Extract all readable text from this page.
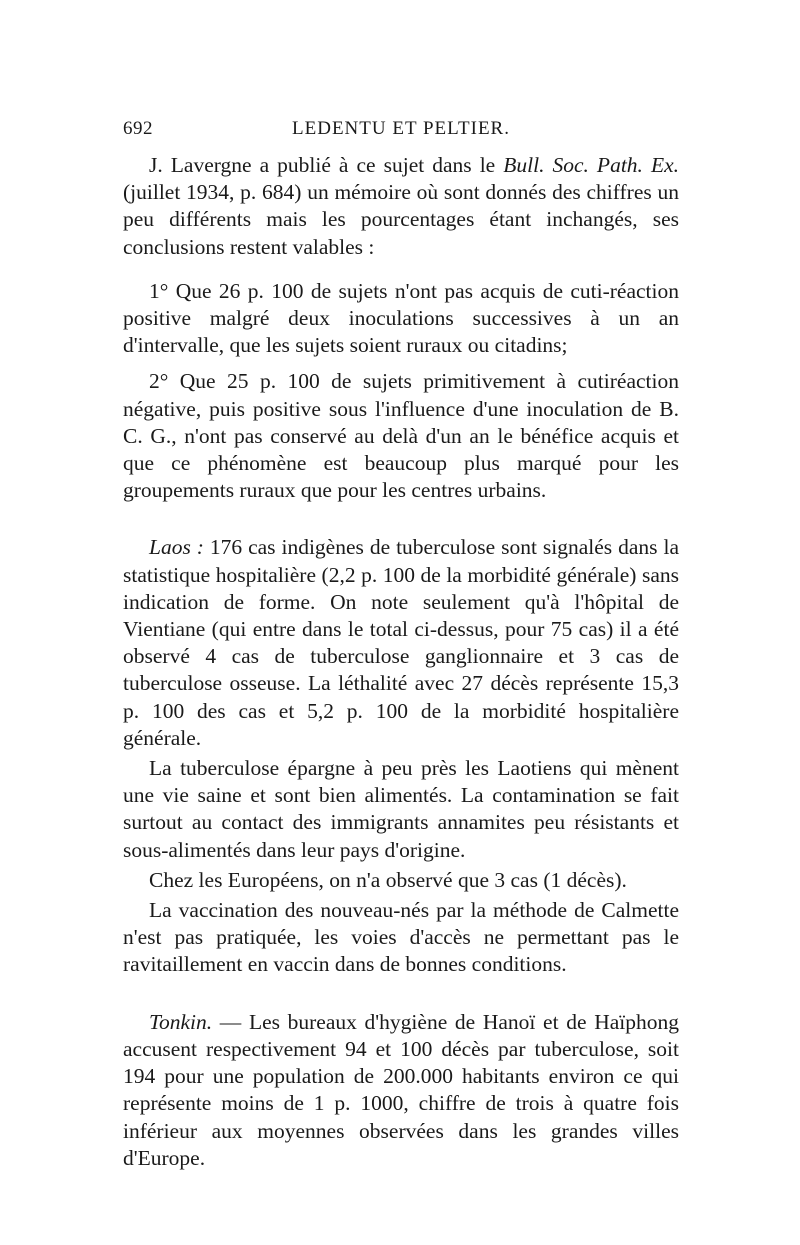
692	LEDENTU ET PELTIER.

J. Lavergne a publié à ce sujet dans le Bull. Soc. Path. Ex. (juillet 1934, p. 684) un mémoire où sont donnés des chiffres un peu différents mais les pourcentages étant inchangés, ses conclusions restent valables :

1° Que 26 p. 100 de sujets n'ont pas acquis de cuti-réaction positive malgré deux inoculations successives à un an d'intervalle, que les sujets soient ruraux ou citadins;

2° Que 25 p. 100 de sujets primitivement à cutiréaction négative, puis positive sous l'influence d'une inoculation de B. C. G., n'ont pas conservé au delà d'un an le bénéfice acquis et que ce phénomène est beaucoup plus marqué pour les groupements ruraux que pour les centres urbains.

Laos : 176 cas indigènes de tuberculose sont signalés dans la statistique hospitalière (2,2 p. 100 de la morbidité générale) sans indication de forme. On note seulement qu'à l'hôpital de Vientiane (qui entre dans le total ci-dessus, pour 75 cas) il a été observé 4 cas de tuberculose ganglionnaire et 3 cas de tuberculose osseuse. La léthalité avec 27 décès représente 15,3 p. 100 des cas et 5,2 p. 100 de la morbidité hospitalière générale.

La tuberculose épargne à peu près les Laotiens qui mènent une vie saine et sont bien alimentés. La contamination se fait surtout au contact des immigrants annamites peu résistants et sous-alimentés dans leur pays d'origine.

Chez les Européens, on n'a observé que 3 cas (1 décès).

La vaccination des nouveau-nés par la méthode de Calmette n'est pas pratiquée, les voies d'accès ne permettant pas le ravitaillement en vaccin dans de bonnes conditions.

Tonkin. — Les bureaux d'hygiène de Hanoï et de Haïphong accusent respectivement 94 et 100 décès par tuberculose, soit 194 pour une population de 200.000 habitants environ ce qui représente moins de 1 p. 1000, chiffre de trois à quatre fois inférieur aux moyennes observées dans les grandes villes d'Europe.
